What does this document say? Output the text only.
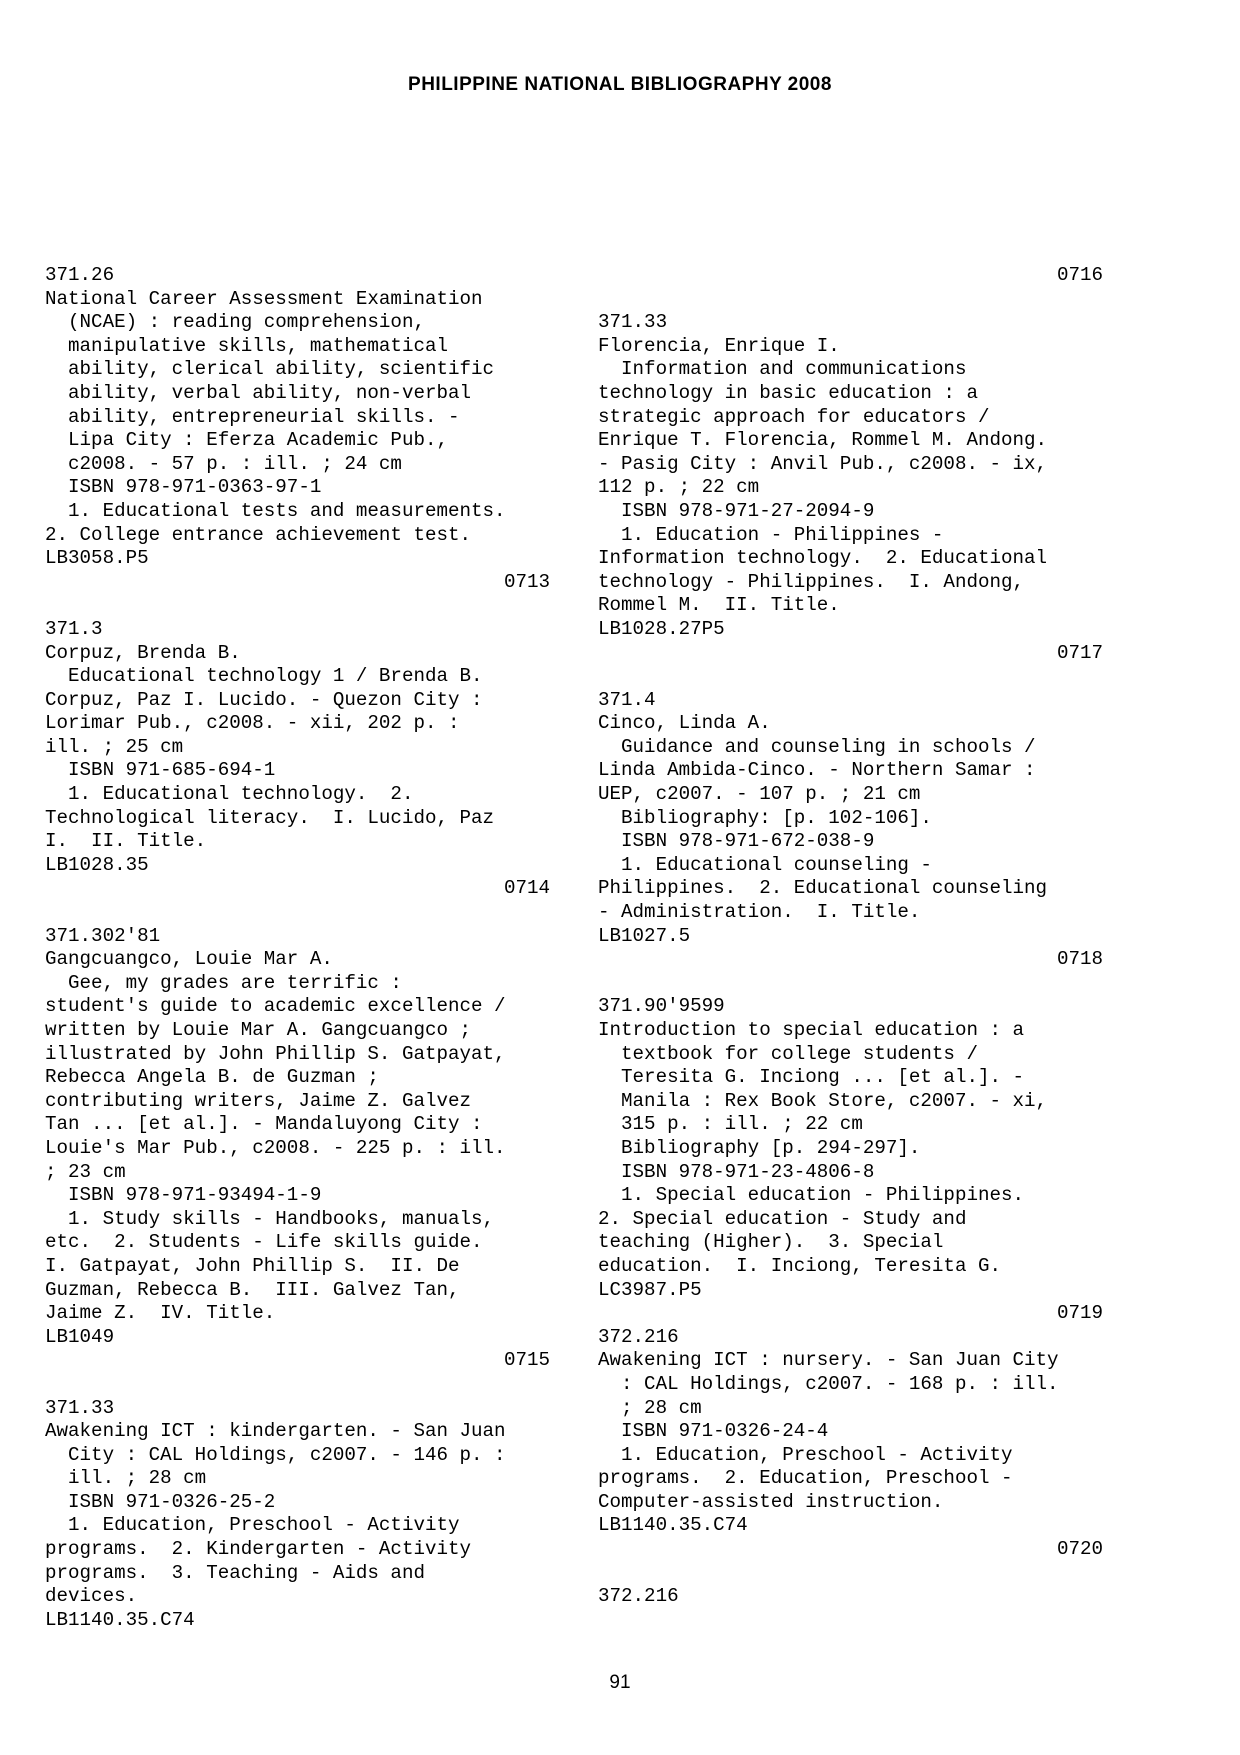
PHILIPPINE NATIONAL BIBLIOGRAPHY 2008
371.26
National Career Assessment Examination
(NCAE) : reading comprehension,
manipulative skills, mathematical
ability, clerical ability, scientific
ability, verbal ability, non-verbal
ability, entrepreneurial skills. -
Lipa City : Eferza Academic Pub.,
c2008. - 57 p. : ill. ; 24 cm
ISBN 978-971-0363-97-1
1. Educational tests and measurements.
2. College entrance achievement test.
LB3058.P5
0713
371.3
Corpuz, Brenda B.
Educational technology 1 / Brenda B.
Corpuz, Paz I. Lucido. - Quezon City :
Lorimar Pub., c2008. - xii, 202 p. :
ill. ; 25 cm
ISBN 971-685-694-1
1. Educational technology.  2.
Technological literacy.  I. Lucido, Paz
I.  II. Title.
LB1028.35
0714
371.302'81
Gangcuangco, Louie Mar A.
Gee, my grades are terrific :
student's guide to academic excellence /
written by Louie Mar A. Gangcuangco ;
illustrated by John Phillip S. Gatpayat,
Rebecca Angela B. de Guzman ;
contributing writers, Jaime Z. Galvez
Tan ... [et al.]. - Mandaluyong City :
Louie's Mar Pub., c2008. - 225 p. : ill.
; 23 cm
ISBN 978-971-93494-1-9
1. Study skills - Handbooks, manuals,
etc.  2. Students - Life skills guide.
I. Gatpayat, John Phillip S.  II. De
Guzman, Rebecca B.  III. Galvez Tan,
Jaime Z.  IV. Title.
LB1049
0715
371.33
Awakening ICT : kindergarten. - San Juan
City : CAL Holdings, c2007. - 146 p. :
ill. ; 28 cm
ISBN 971-0326-25-2
1. Education, Preschool - Activity
programs.  2. Kindergarten - Activity
programs.  3. Teaching - Aids and
devices.
LB1140.35.C74
0716
371.33
Florencia, Enrique I.
Information and communications
technology in basic education : a
strategic approach for educators /
Enrique T. Florencia, Rommel M. Andong.
- Pasig City : Anvil Pub., c2008. - ix,
112 p. ; 22 cm
ISBN 978-971-27-2094-9
1. Education - Philippines -
Information technology.  2. Educational
technology - Philippines.  I. Andong,
Rommel M.  II. Title.
LB1028.27P5
0717
371.4
Cinco, Linda A.
Guidance and counseling in schools /
Linda Ambida-Cinco. - Northern Samar :
UEP, c2007. - 107 p. ; 21 cm
Bibliography: [p. 102-106].
ISBN 978-971-672-038-9
1. Educational counseling -
Philippines.  2. Educational counseling
- Administration.  I. Title.
LB1027.5
0718
371.90'9599
Introduction to special education : a
textbook for college students /
Teresita G. Inciong ... [et al.]. -
Manila : Rex Book Store, c2007. - xi,
315 p. : ill. ; 22 cm
Bibliography [p. 294-297].
ISBN 978-971-23-4806-8
1. Special education - Philippines.
2. Special education - Study and
teaching (Higher).  3. Special
education.  I. Inciong, Teresita G.
LC3987.P5
0719
372.216
Awakening ICT : nursery. - San Juan City
: CAL Holdings, c2007. - 168 p. : ill.
; 28 cm
ISBN 971-0326-24-4
1. Education, Preschool - Activity
programs.  2. Education, Preschool -
Computer-assisted instruction.
LB1140.35.C74
0720
372.216
91
